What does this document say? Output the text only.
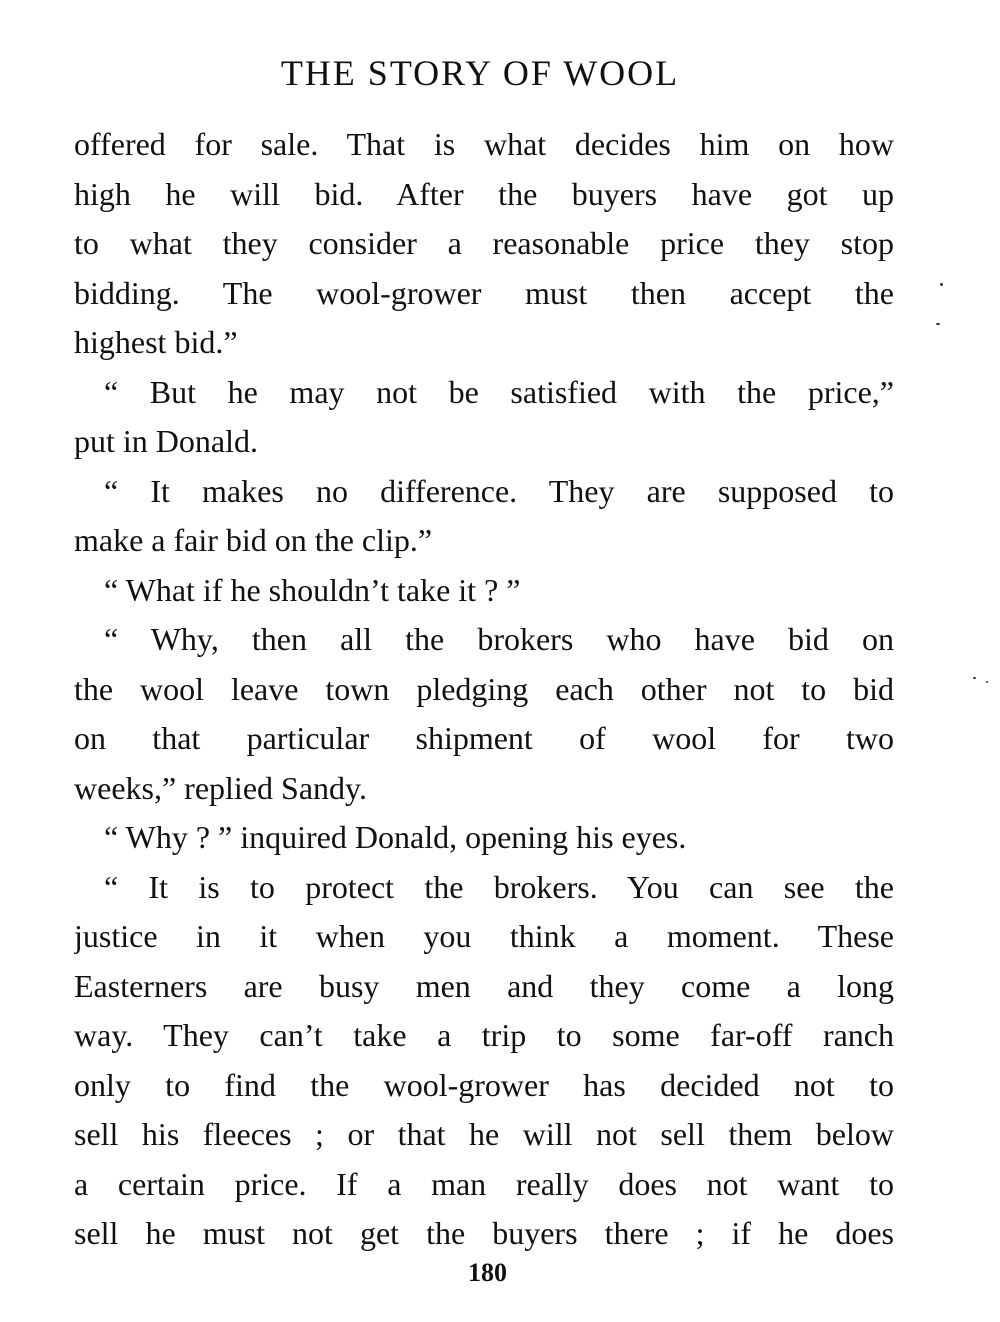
THE STORY OF WOOL
offered for sale. That is what decides him on how
high he will bid. After the buyers have got up
to what they consider a reasonable price they stop
bidding. The wool-grower must then accept the
highest bid.”
“ But he may not be satisfied with the price,”
put in Donald.
“ It makes no difference. They are supposed to
make a fair bid on the clip.”
“ What if he shouldn’t take it ? ”
“ Why, then all the brokers who have bid on
the wool leave town pledging each other not to bid
on that particular shipment of wool for two
weeks,” replied Sandy.
“ Why ? ” inquired Donald, opening his eyes.
“ It is to protect the brokers. You can see the
justice in it when you think a moment. These
Easterners are busy men and they come a long
way. They can’t take a trip to some far-off ranch
only to find the wool-grower has decided not to
sell his fleeces ; or that he will not sell them below
a certain price. If a man really does not want to
sell he must not get the buyers there ; if he does
180
